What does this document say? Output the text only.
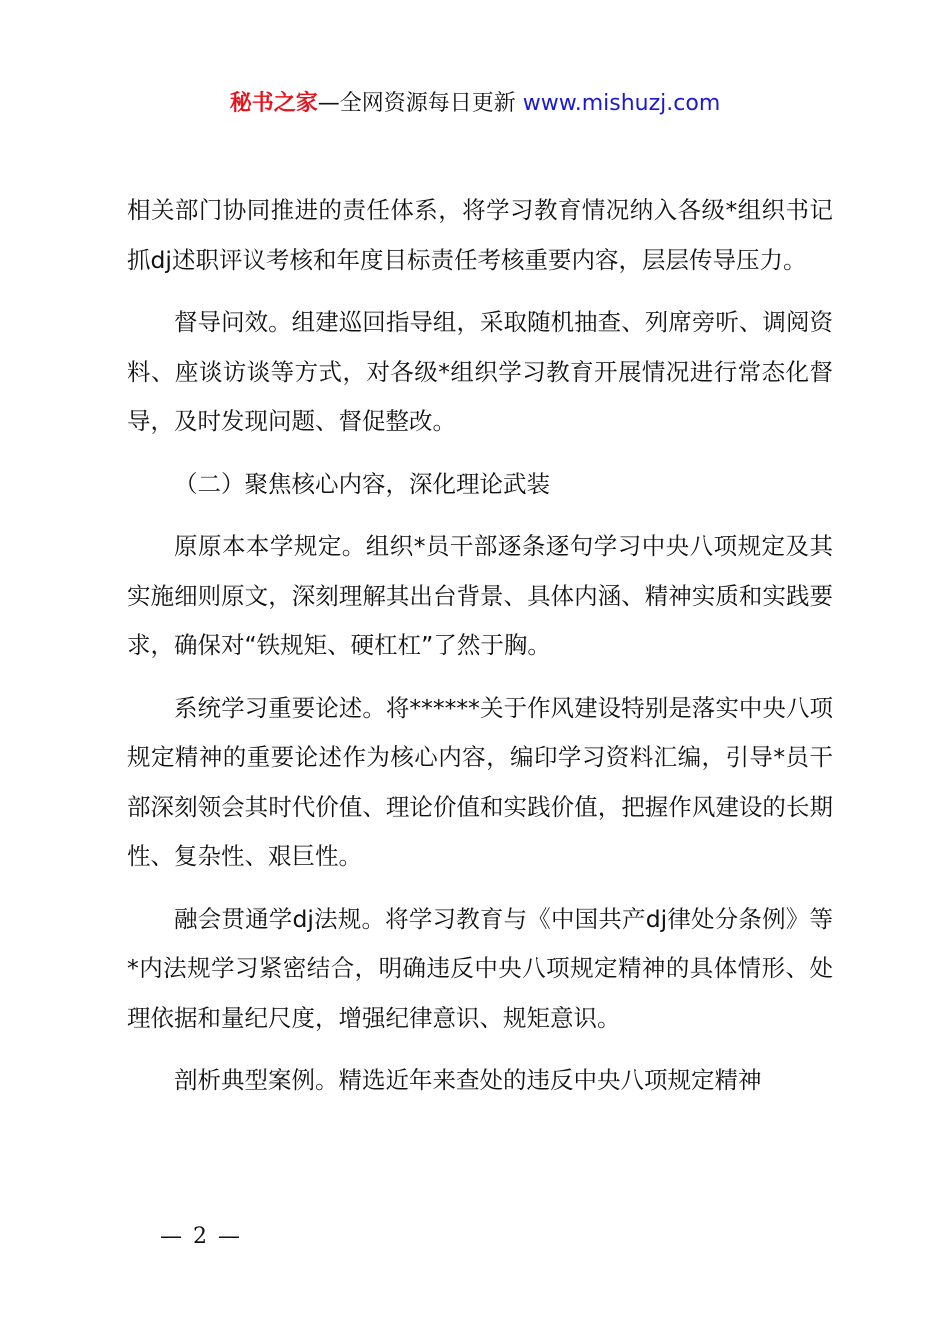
秘书之家—全网资源每日更新 www.mishuzj.com

相关部门协同推进的责任体系，将学习教育情况纳入各级*组织书记抓dj述职评议考核和年度目标责任考核重要内容，层层传导压力。

督导问效。组建巡回指导组，采取随机抽查、列席旁听、调阅资料、座谈访谈等方式，对各级*组织学习教育开展情况进行常态化督导，及时发现问题、督促整改。

（二）聚焦核心内容，深化理论武装

原原本本学规定。组织*员干部逐条逐句学习中央八项规定及其实施细则原文，深刻理解其出台背景、具体内涵、精神实质和实践要求，确保对“铁规矩、硬杠杠”了然于胸。

系统学习重要论述。将******关于作风建设特别是落实中央八项规定精神的重要论述作为核心内容，编印学习资料汇编，引导*员干部深刻领会其时代价值、理论价值和实践价值，把握作风建设的长期性、复杂性、艰巨性。

融会贯通学dj法规。将学习教育与《中国共产dj律处分条例》等*内法规学习紧密结合，明确违反中央八项规定精神的具体情形、处理依据和量纪尺度，增强纪律意识、规矩意识。

剖析典型案例。精选近年来查处的违反中央八项规定精神

— 2 —
